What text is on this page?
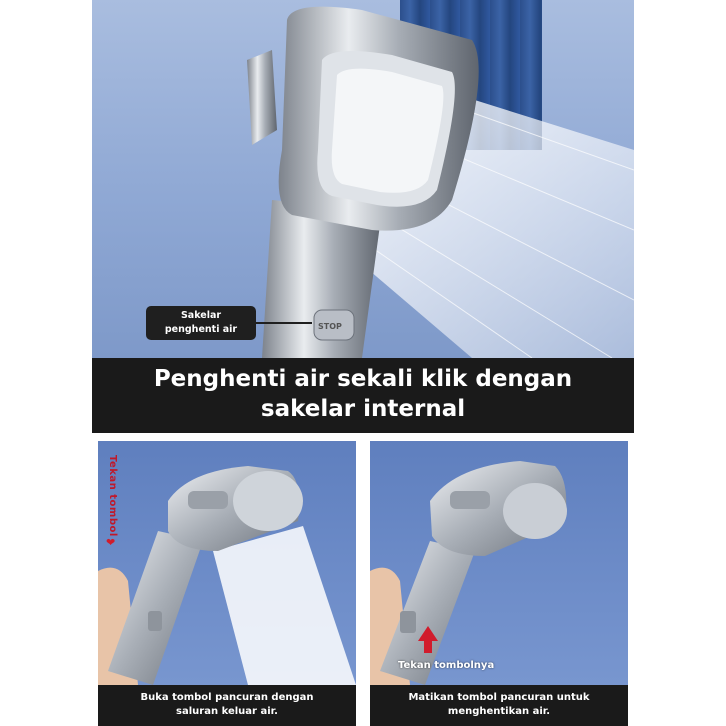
STOP
Sakelar
penghenti air
Penghenti air sekali klik dengan
sakelar internal
Tekan tombol
❤
Buka tombol pancuran dengan
saluran keluar air.
Tekan tombolnya
Matikan tombol pancuran untuk
menghentikan air.
